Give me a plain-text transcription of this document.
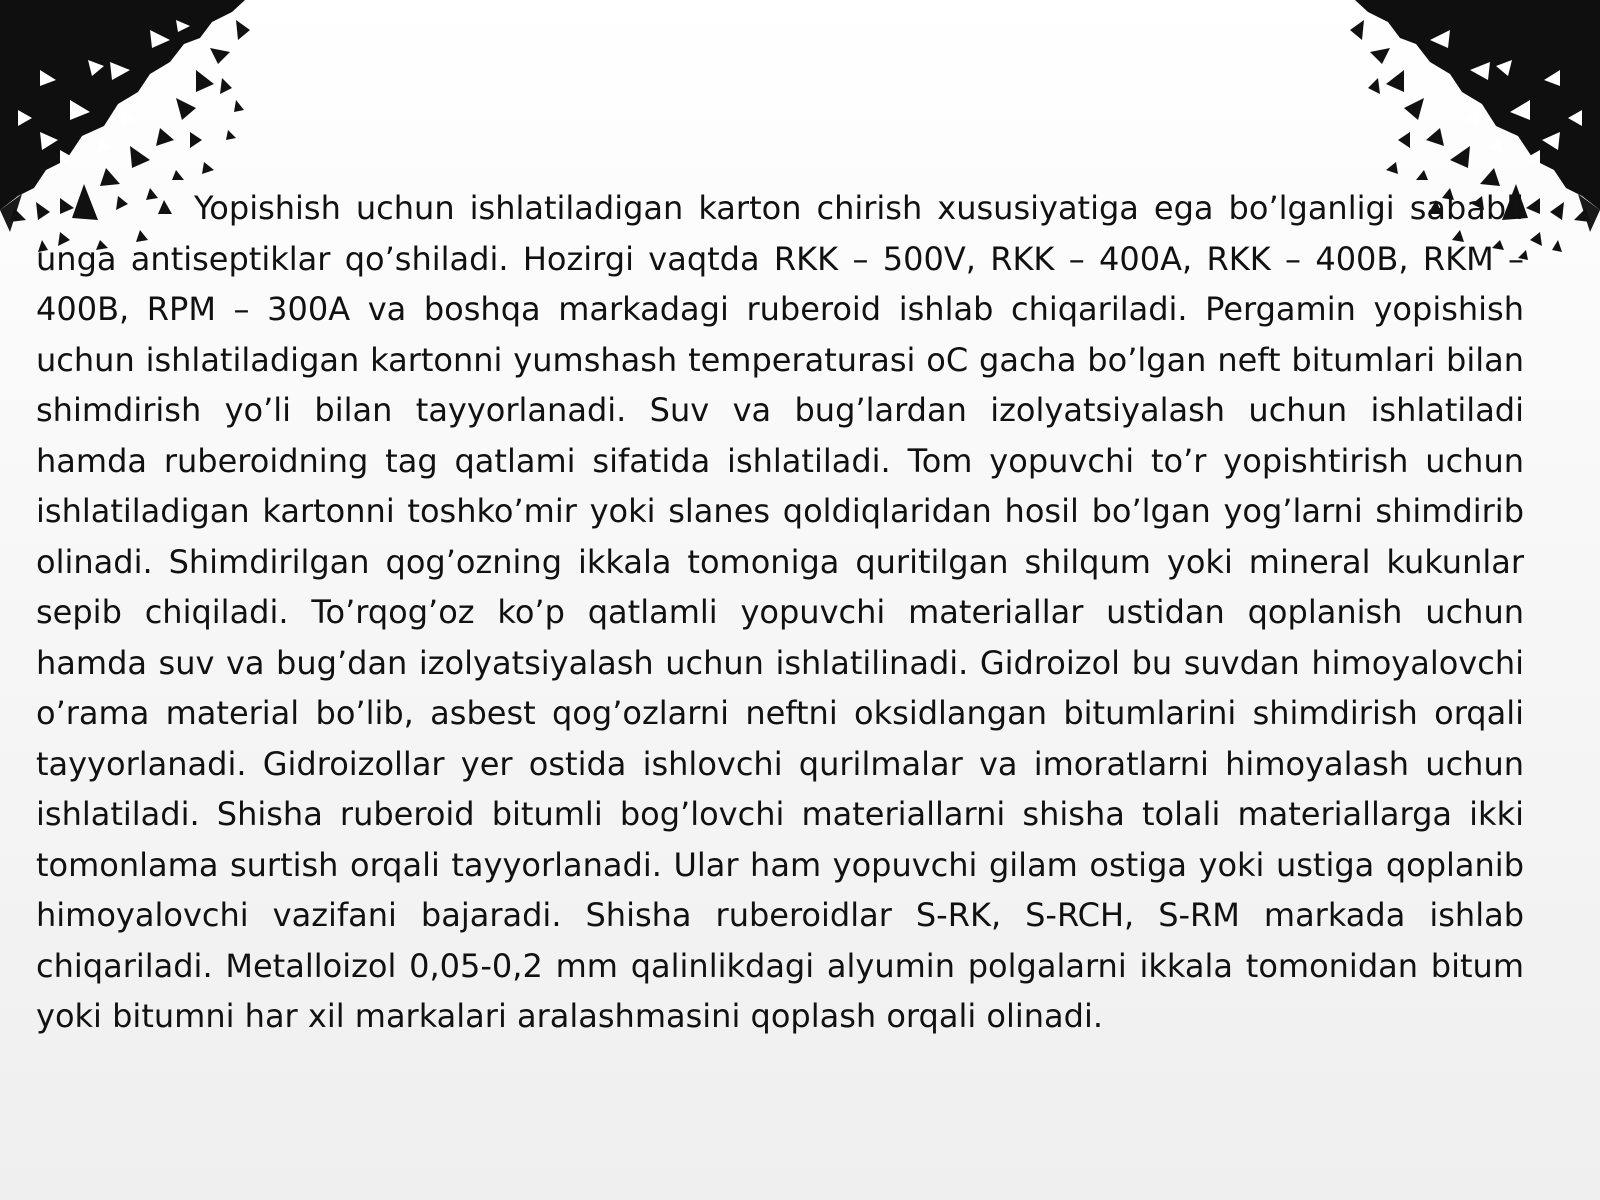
Yopishish uchun ishlatiladigan karton chirish xususiyatiga ega bo’lganligi sababli unga antiseptiklar qo’shiladi. Hozirgi vaqtda RKK – 500V, RKK – 400A, RKK – 400B, RKM – 400B, RPM – 300A va boshqa markadagi ruberoid ishlab chiqariladi. Pergamin yopishish uchun ishlatiladigan kartonni yumshash temperaturasi oC gacha bo’lgan neft bitumlari bilan shimdirish yo’li bilan tayyorlanadi. Suv va bug’lardan izolyatsiyalash uchun ishlatiladi hamda ruberoidning tag qatlami sifatida ishlatiladi. Tom yopuvchi to’r yopishtirish uchun ishlatiladigan kartonni toshko’mir yoki slanes qoldiqlaridan hosil bo’lgan yog’larni shimdirib olinadi. Shimdirilgan qog’ozning ikkala tomoniga quritilgan shilqum yoki mineral kukunlar sepib chiqiladi. To’rqog’oz ko’p qatlamli yopuvchi materiallar ustidan qoplanish uchun hamda suv va bug’dan izolyatsiyalash uchun ishlatilinadi. Gidroizol bu suvdan himoyalovchi o’rama material bo’lib, asbest qog’ozlarni neftni oksidlangan bitumlarini shimdirish orqali tayyorlanadi. Gidroizollar yer ostida ishlovchi qurilmalar va imoratlarni himoyalash uchun ishlatiladi. Shisha ruberoid bitumli bog’lovchi materiallarni shisha tolali materiallarga ikki tomonlama surtish orqali tayyorlanadi. Ular ham yopuvchi gilam ostiga yoki ustiga qoplanib himoyalovchi vazifani bajaradi. Shisha ruberoidlar S-RK, S-RCH, S-RM markada ishlab chiqariladi. Metalloizol 0,05-0,2 mm qalinlikdagi alyumin polgalarni ikkala tomonidan bitum yoki bitumni har xil markalari aralashmasini qoplash orqali olinadi.
